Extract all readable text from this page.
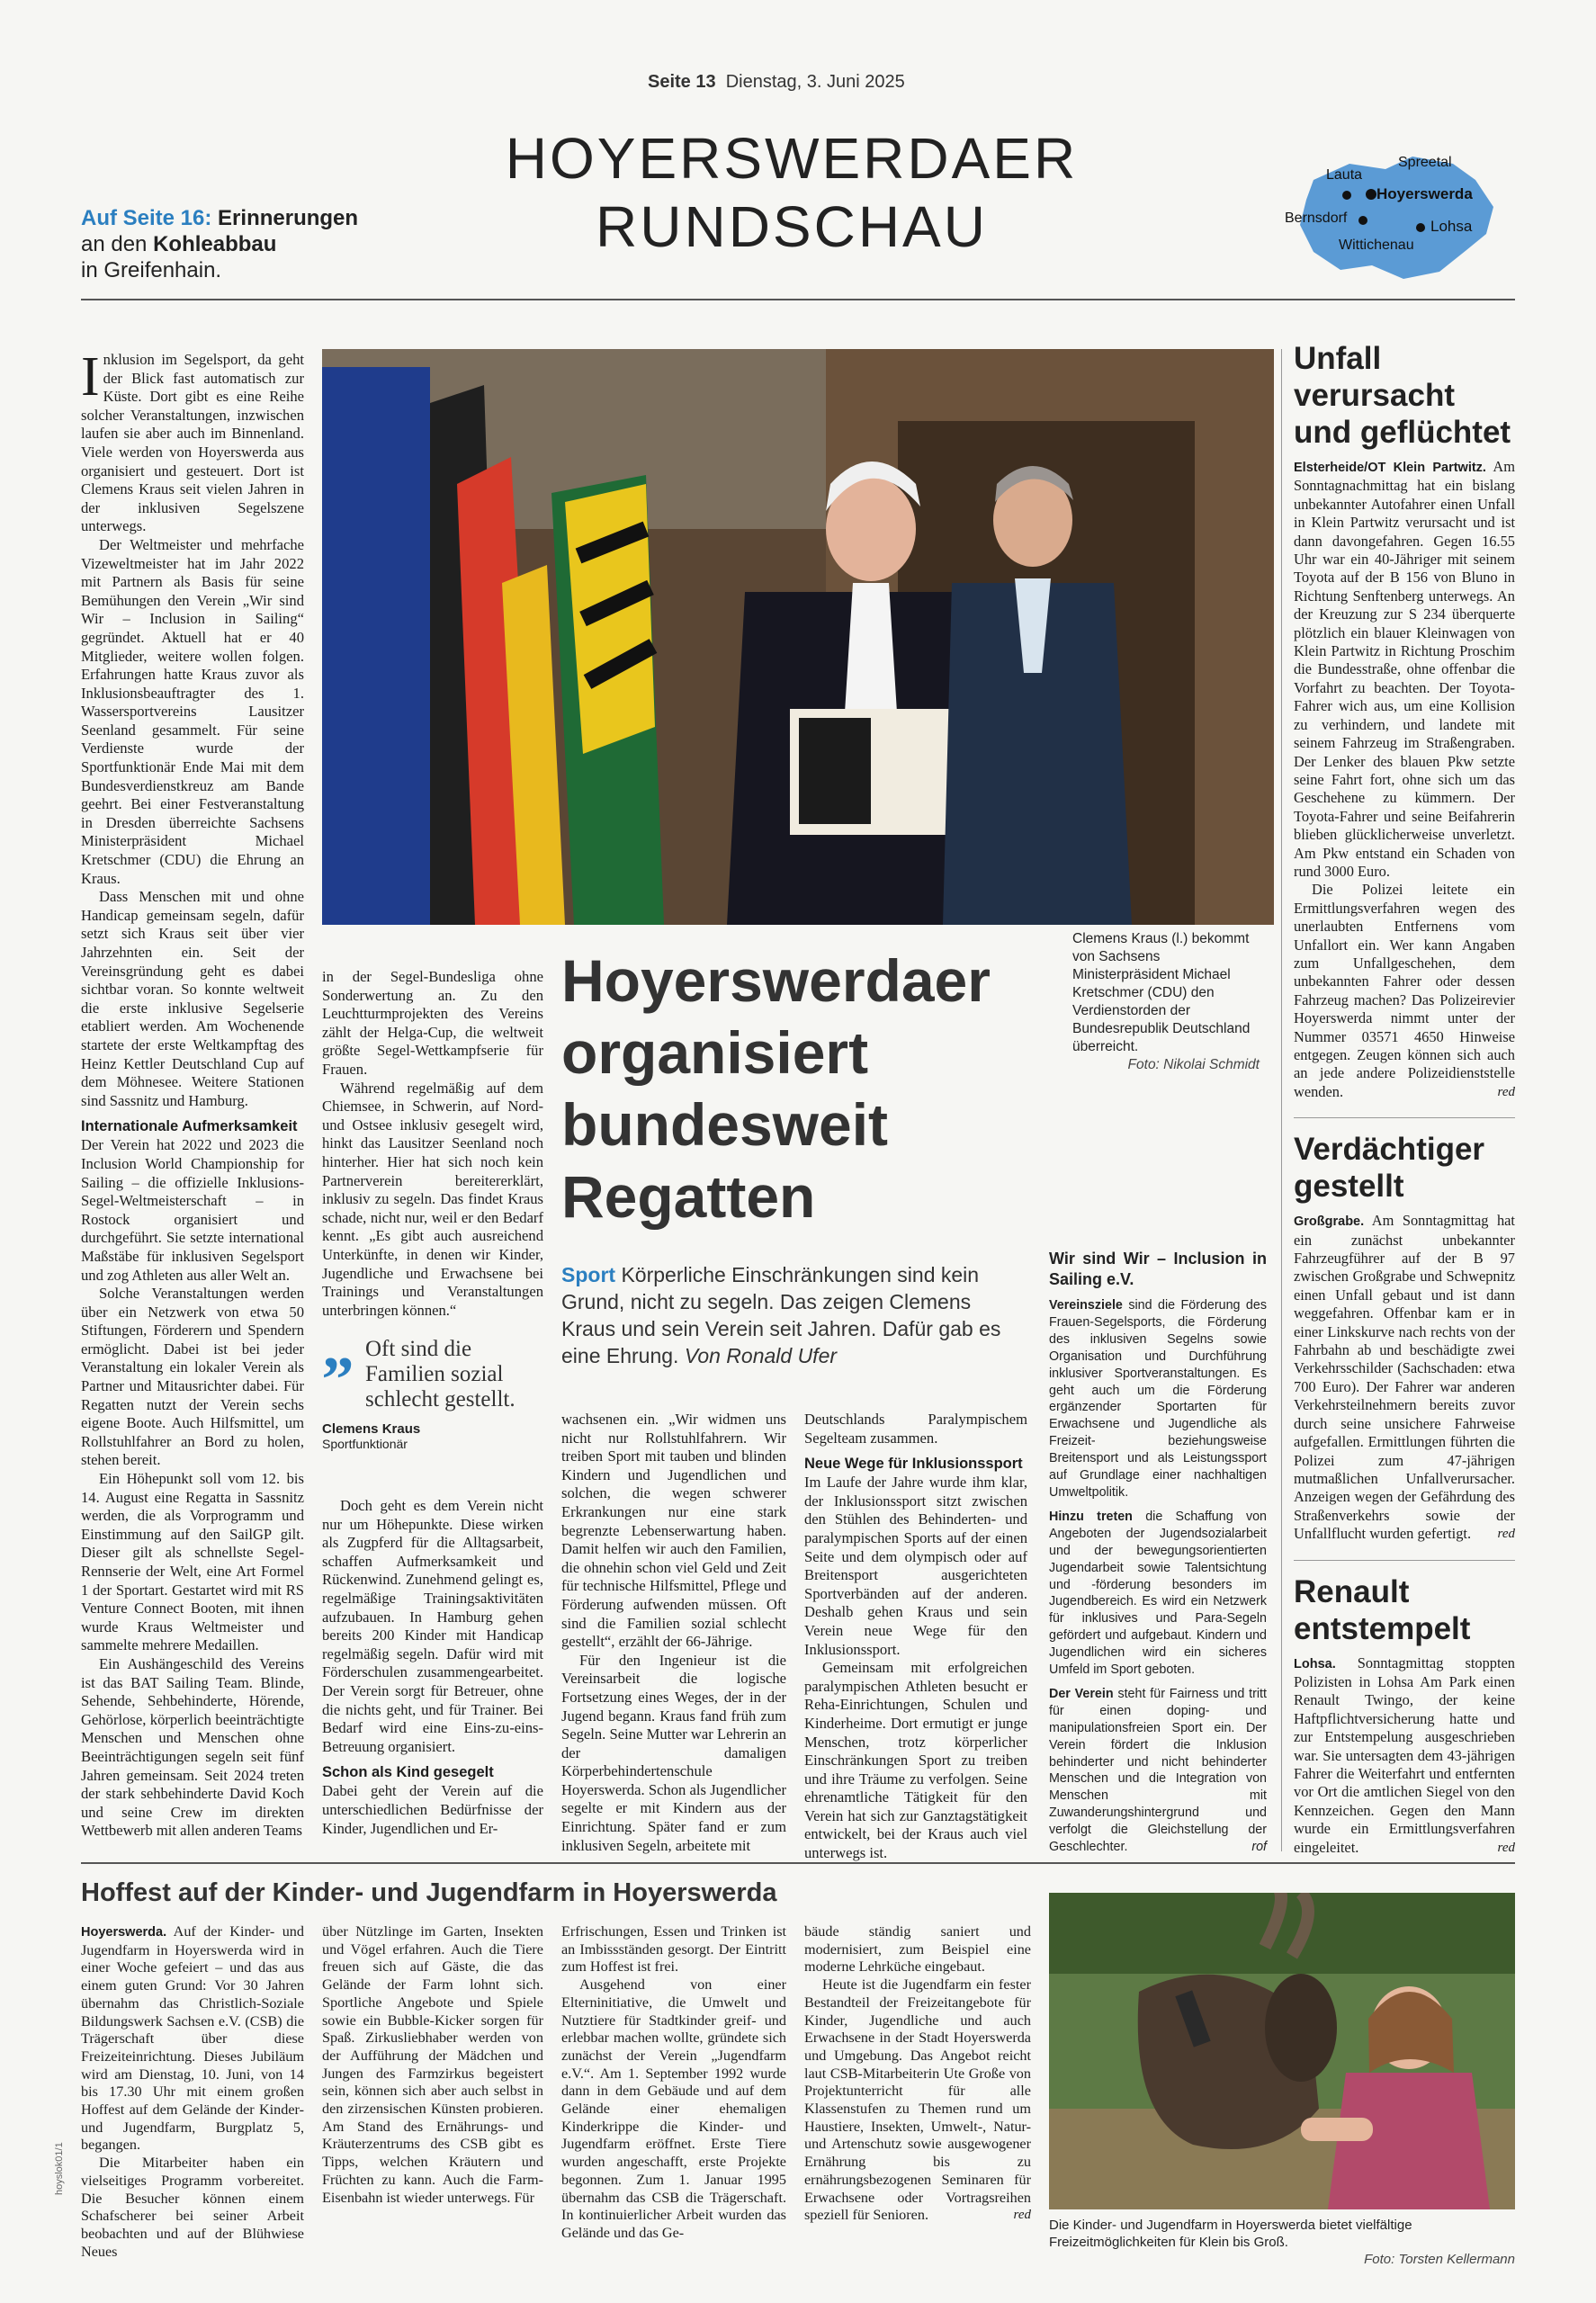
Seite 13 Dienstag, 3. Juni 2025
HOYERSWERDAER
RUNDSCHAU
Auf Seite 16: Erinnerungen
an den Kohleabbau
in Greifenhain.
Spreetal
Lauta
Hoyerswerda
Bernsdorf	Lohsa
Wittichenau
Clemens Kraus (l.) bekommt von Sachsens Ministerpräsident Michael Kretschmer (CDU) den Verdienstorden der Bundesrepublik Deutschland überreicht.
Foto: Nikolai Schmidt

Inklusion im Segelsport, da geht der Blick fast automatisch zur Küste. Dort gibt es eine Reihe solcher Veranstaltungen, inzwischen laufen sie aber auch im Binnenland. Viele werden von Hoyerswerda aus organisiert und gesteuert. Dort ist Clemens Kraus seit vielen Jahren in der inklusiven Segelszene unterwegs.

Der Weltmeister und mehrfache Vizeweltmeister hat im Jahr 2022 mit Partnern als Basis für seine Bemühungen den Verein „Wir sind Wir – Inclusion in Sailing“ gegründet. Aktuell hat er 40 Mitglieder, weitere wollen folgen. Erfahrungen hatte Kraus zuvor als Inklusionsbeauftragter des 1. Wassersportvereins Lausitzer Seenland gesammelt. Für seine Verdienste wurde der Sportfunktionär Ende Mai mit dem Bundesverdienstkreuz am Bande geehrt. Bei einer Festveranstaltung in Dresden überreichte Sachsens Ministerpräsident Michael Kretschmer (CDU) die Ehrung an Kraus.

Dass Menschen mit und ohne Handicap gemeinsam segeln, dafür setzt sich Kraus seit über vier Jahrzehnten ein. Seit der Vereinsgründung geht es dabei sichtbar voran. So konnte weltweit die erste inklusive Segelserie etabliert werden. Am Wochenende startete der erste Weltkampftag des Heinz Kettler Deutschland Cup auf dem Möhnesee. Weitere Stationen sind Sassnitz und Hamburg.

Internationale Aufmerksamkeit

Der Verein hat 2022 und 2023 die Inclusion World Championship for Sailing – die offizielle Inklusions-Segel-Weltmeisterschaft – in Rostock organisiert und durchgeführt. Sie setzte international Maßstäbe für inklusiven Segelsport und zog Athleten aus aller Welt an.

Solche Veranstaltungen werden über ein Netzwerk von etwa 50 Stiftungen, Förderern und Spendern ermöglicht. Dabei ist bei jeder Veranstaltung ein lokaler Verein als Partner und Mitausrichter dabei. Für Regatten nutzt der Verein sechs eigene Boote. Auch Hilfsmittel, um Rollstuhlfahrer an Bord zu holen, stehen bereit.

Ein Höhepunkt soll vom 12. bis 14. August eine Regatta in Sassnitz werden, die als Vorprogramm und Einstimmung auf den SailGP gilt. Dieser gilt als schnellste Segel-Rennserie der Welt, eine Art Formel 1 der Sportart. Gestartet wird mit RS Venture Connect Booten, mit ihnen wurde Kraus Weltmeister und sammelte mehrere Medaillen.

Ein Aushängeschild des Vereins ist das BAT Sailing Team. Blinde, Sehende, Sehbehinderte, Hörende, Gehörlose, körperlich beeinträchtigte Menschen und Menschen ohne Beeinträchtigungen segeln seit fünf Jahren gemeinsam. Seit 2024 treten der stark sehbehinderte David Koch und seine Crew im direkten Wettbewerb mit allen anderen Teams

in der Segel-Bundesliga ohne Sonderwertung an. Zu den Leuchtturmprojekten des Vereins zählt der Helga-Cup, die weltweit größte Segel-Wettkampfserie für Frauen.

Während regelmäßig auf dem Chiemsee, in Schwerin, auf Nord- und Ostsee inklusiv gesegelt wird, hinkt das Lausitzer Seenland noch hinterher. Hier hat sich noch kein Partnerverein bereitererklärt, inklusiv zu segeln. Das findet Kraus schade, nicht nur, weil er den Bedarf kennt. „Es gibt auch ausreichend Unterkünfte, in denen wir Kinder, Jugendliche und Erwachsene bei Trainings und Veranstaltungen unterbringen können.“

„ Oft sind die Familien sozial schlecht gestellt.
Clemens Kraus
Sportfunktionär

Doch geht es dem Verein nicht nur um Höhepunkte. Diese wirken als Zugpferd für die Alltagsarbeit, schaffen Aufmerksamkeit und Rückenwind. Zunehmend gelingt es, regelmäßige Trainingsaktivitäten aufzubauen. In Hamburg gehen bereits 200 Kinder mit Handicap regelmäßig segeln. Dafür wird mit Förderschulen zusammengearbeitet. Der Verein sorgt für Betreuer, ohne die nichts geht, und für Trainer. Bei Bedarf wird eine Eins-zu-eins-Betreuung organisiert.

Schon als Kind gesegelt

Dabei geht der Verein auf die unterschiedlichen Bedürfnisse der Kinder, Jugendlichen und Er-

Hoyerswerdaer
organisiert
bundesweit
Regatten
Sport Körperliche Einschränkungen sind kein Grund, nicht zu segeln. Das zeigen Clemens Kraus und sein Verein seit Jahren. Dafür gab es eine Ehrung. Von Ronald Ufer

wachsenen ein. „Wir widmen uns nicht nur Rollstuhlfahrern. Wir treiben Sport mit tauben und blinden Kindern und Jugendlichen und solchen, die wegen schwerer Erkrankungen nur eine stark begrenzte Lebenserwartung haben. Damit helfen wir auch den Familien, die ohnehin schon viel Geld und Zeit für technische Hilfsmittel, Pflege und Förderung aufwenden müssen. Oft sind die Familien sozial schlecht gestellt“, erzählt der 66-Jährige.

Für den Ingenieur ist die Vereinsarbeit die logische Fortsetzung eines Weges, der in der Jugend begann. Kraus fand früh zum Segeln. Seine Mutter war Lehrerin an der damaligen Körperbehindertenschule Hoyerswerda. Schon als Jugendlicher segelte er mit Kindern aus der Einrichtung. Später fand er zum inklusiven Segeln, arbeitete mit

Deutschlands Paralympischem Segelteam zusammen.

Neue Wege für Inklusionssport

Im Laufe der Jahre wurde ihm klar, der Inklusionssport sitzt zwischen den Stühlen des Behinderten- und paralympischen Sports auf der einen Seite und dem olympisch oder auf Breitensport ausgerichteten Sportverbänden auf der anderen. Deshalb gehen Kraus und sein Verein neue Wege für den Inklusionssport.

Gemeinsam mit erfolgreichen paralympischen Athleten besucht er Reha-Einrichtungen, Schulen und Kinderheime. Dort ermutigt er junge Menschen, trotz körperlicher Einschränkungen Sport zu treiben und ihre Träume zu verfolgen. Seine ehrenamtliche Tätigkeit für den Verein hat sich zur Ganztagstätigkeit entwickelt, bei der Kraus auch viel unterwegs ist.

Wir sind Wir – Inclusion in Sailing e.V.

Vereinsziele sind die Förderung des Frauen-Segelsports, die Förderung des inklusiven Segelns sowie Organisation und Durchführung inklusiver Sportveranstaltungen. Es geht auch um die Förderung ergänzender Sportarten für Erwachsene und Jugendliche als Freizeit- beziehungsweise Breitensport und als Leistungssport auf Grundlage einer nachhaltigen Umweltpolitik.

Hinzu treten die Schaffung von Angeboten der Jugendsozialarbeit und der bewegungsorientierten Jugendarbeit sowie Talentsichtung und -förderung besonders im Jugendbereich. Es wird ein Netzwerk für inklusives und Para-Segeln gefördert und aufgebaut. Kindern und Jugendlichen wird ein sicheres Umfeld im Sport geboten.

Der Verein steht für Fairness und tritt für einen doping- und manipulationsfreien Sport ein. Der Verein fördert die Inklusion behinderter und nicht behinderter Menschen und die Integration von Menschen mit Zuwanderungshintergrund und verfolgt die Gleichstellung der Geschlechter.	rof

Unfall
verursacht
und geflüchtet

Elsterheide/OT Klein Partwitz. Am Sonntagnachmittag hat ein bislang unbekannter Autofahrer einen Unfall in Klein Partwitz verursacht und ist dann davongefahren. Gegen 16.55 Uhr war ein 40-Jähriger mit seinem Toyota auf der B 156 von Bluno in Richtung Senftenberg unterwegs. An der Kreuzung zur S 234 überquerte plötzlich ein blauer Kleinwagen von Klein Partwitz in Richtung Proschim die Bundesstraße, ohne offenbar die Vorfahrt zu beachten. Der Toyota-Fahrer wich aus, um eine Kollision zu verhindern, und landete mit seinem Fahrzeug im Straßengraben. Der Lenker des blauen Pkw setzte seine Fahrt fort, ohne sich um das Geschehene zu kümmern. Der Toyota-Fahrer und seine Beifahrerin blieben glücklicherweise unverletzt. Am Pkw entstand ein Schaden von rund 3000 Euro.

Die Polizei leitete ein Ermittlungsverfahren wegen des unerlaubten Entfernens vom Unfallort ein. Wer kann Angaben zum Unfallgeschehen, dem unbekannten Fahrer oder dessen Fahrzeug machen? Das Polizeirevier Hoyerswerda nimmt unter der Nummer 03571 4650 Hinweise entgegen. Zeugen können sich auch an jede andere Polizeidienststelle wenden.	red

Verdächtiger
gestellt

Großgrabe. Am Sonntagmittag hat ein zunächst unbekannter Fahrzeugführer auf der B 97 zwischen Großgrabe und Schwepnitz einen Unfall gebaut und ist dann weggefahren. Offenbar kam er in einer Linkskurve nach rechts von der Fahrbahn ab und beschädigte zwei Verkehrsschilder (Sachschaden: etwa 700 Euro). Der Fahrer war anderen Verkehrsteilnehmern bereits zuvor durch seine unsichere Fahrweise aufgefallen. Ermittlungen führten die Polizei zum 47-jährigen mutmaßlichen Unfallverursacher. Anzeigen wegen der Gefährdung des Straßenverkehrs sowie der Unfallflucht wurden gefertigt. red

Renault
entstempelt

Lohsa. Sonntagmittag stoppten Polizisten in Lohsa Am Park einen Renault Twingo, der keine Haftpflichtversicherung hatte und zur Entstempelung ausgeschrieben war. Sie untersagten dem 43-jährigen Fahrer die Weiterfahrt und entfernten vor Ort die amtlichen Siegel von den Kennzeichen. Gegen den Mann wurde ein Ermittlungsverfahren eingeleitet.	red

Hoffest auf der Kinder- und Jugendfarm in Hoyerswerda

Hoyerswerda. Auf der Kinder- und Jugendfarm in Hoyerswerda wird in einer Woche gefeiert – und das aus einem guten Grund: Vor 30 Jahren übernahm das Christlich-Soziale Bildungswerk Sachsen e.V. (CSB) die Trägerschaft über diese Freizeiteinrichtung. Dieses Jubiläum wird am Dienstag, 10. Juni, von 14 bis 17.30 Uhr mit einem großen Hoffest auf dem Gelände der Kinder- und Jugendfarm, Burgplatz 5, begangen.

Die Mitarbeiter haben ein vielseitiges Programm vorbereitet. Die Besucher können einem Schafscherer bei seiner Arbeit beobachten und auf der Blühwiese Neues

über Nützlinge im Garten, Insekten und Vögel erfahren. Auch die Tiere freuen sich auf Gäste, die das Gelände der Farm lohnt sich. Sportliche Angebote und Spiele sowie ein Bubble-Kicker sorgen für Spaß. Zirkusliebhaber werden von der Aufführung der Mädchen und Jungen des Farmzirkus begeistert sein, können sich aber auch selbst in den zirzensischen Künsten probieren. Am Stand des Ernährungs- und Kräuterzentrums des CSB gibt es Tipps, welchen Kräutern und Früchten zu kann. Auch die Farm-Eisenbahn ist wieder unterwegs. Für

Erfrischungen, Essen und Trinken ist an Imbissständen gesorgt. Der Eintritt zum Hoffest ist frei.

Ausgehend von einer Elterninitiative, die Umwelt und Nutztiere für Stadtkinder greif- und erlebbar machen wollte, gründete sich zunächst der Verein „Jugendfarm e.V.“. Am 1. September 1992 wurde dann in dem Gebäude und auf dem Gelände einer ehemaligen Kinderkrippe die Kinder- und Jugendfarm eröffnet. Erste Tiere wurden angeschafft, erste Projekte begonnen. Zum 1. Januar 1995 übernahm das CSB die Trägerschaft. In kontinuierlicher Arbeit wurden das Gelände und das Ge-

bäude ständig saniert und modernisiert, zum Beispiel eine moderne Lehrküche eingebaut.

Heute ist die Jugendfarm ein fester Bestandteil der Freizeitangebote für Kinder, Jugendliche und auch Erwachsene in der Stadt Hoyerswerda und Umgebung. Das Angebot reicht laut CSB-Mitarbeiterin Ute Große von Projektunterricht für alle Klassenstufen zu Themen rund um Haustiere, Insekten, Umwelt-, Natur- und Artenschutz sowie ausgewogener Ernährung bis zu ernährungsbezogenen Seminaren für Erwachsene oder Vortragsreihen speziell für Senioren.	red

Die Kinder- und Jugendfarm in Hoyerswerda bietet vielfältige Freizeitmöglichkeiten für Klein bis Groß.
Foto: Torsten Kellermann
hoyslok01/1
